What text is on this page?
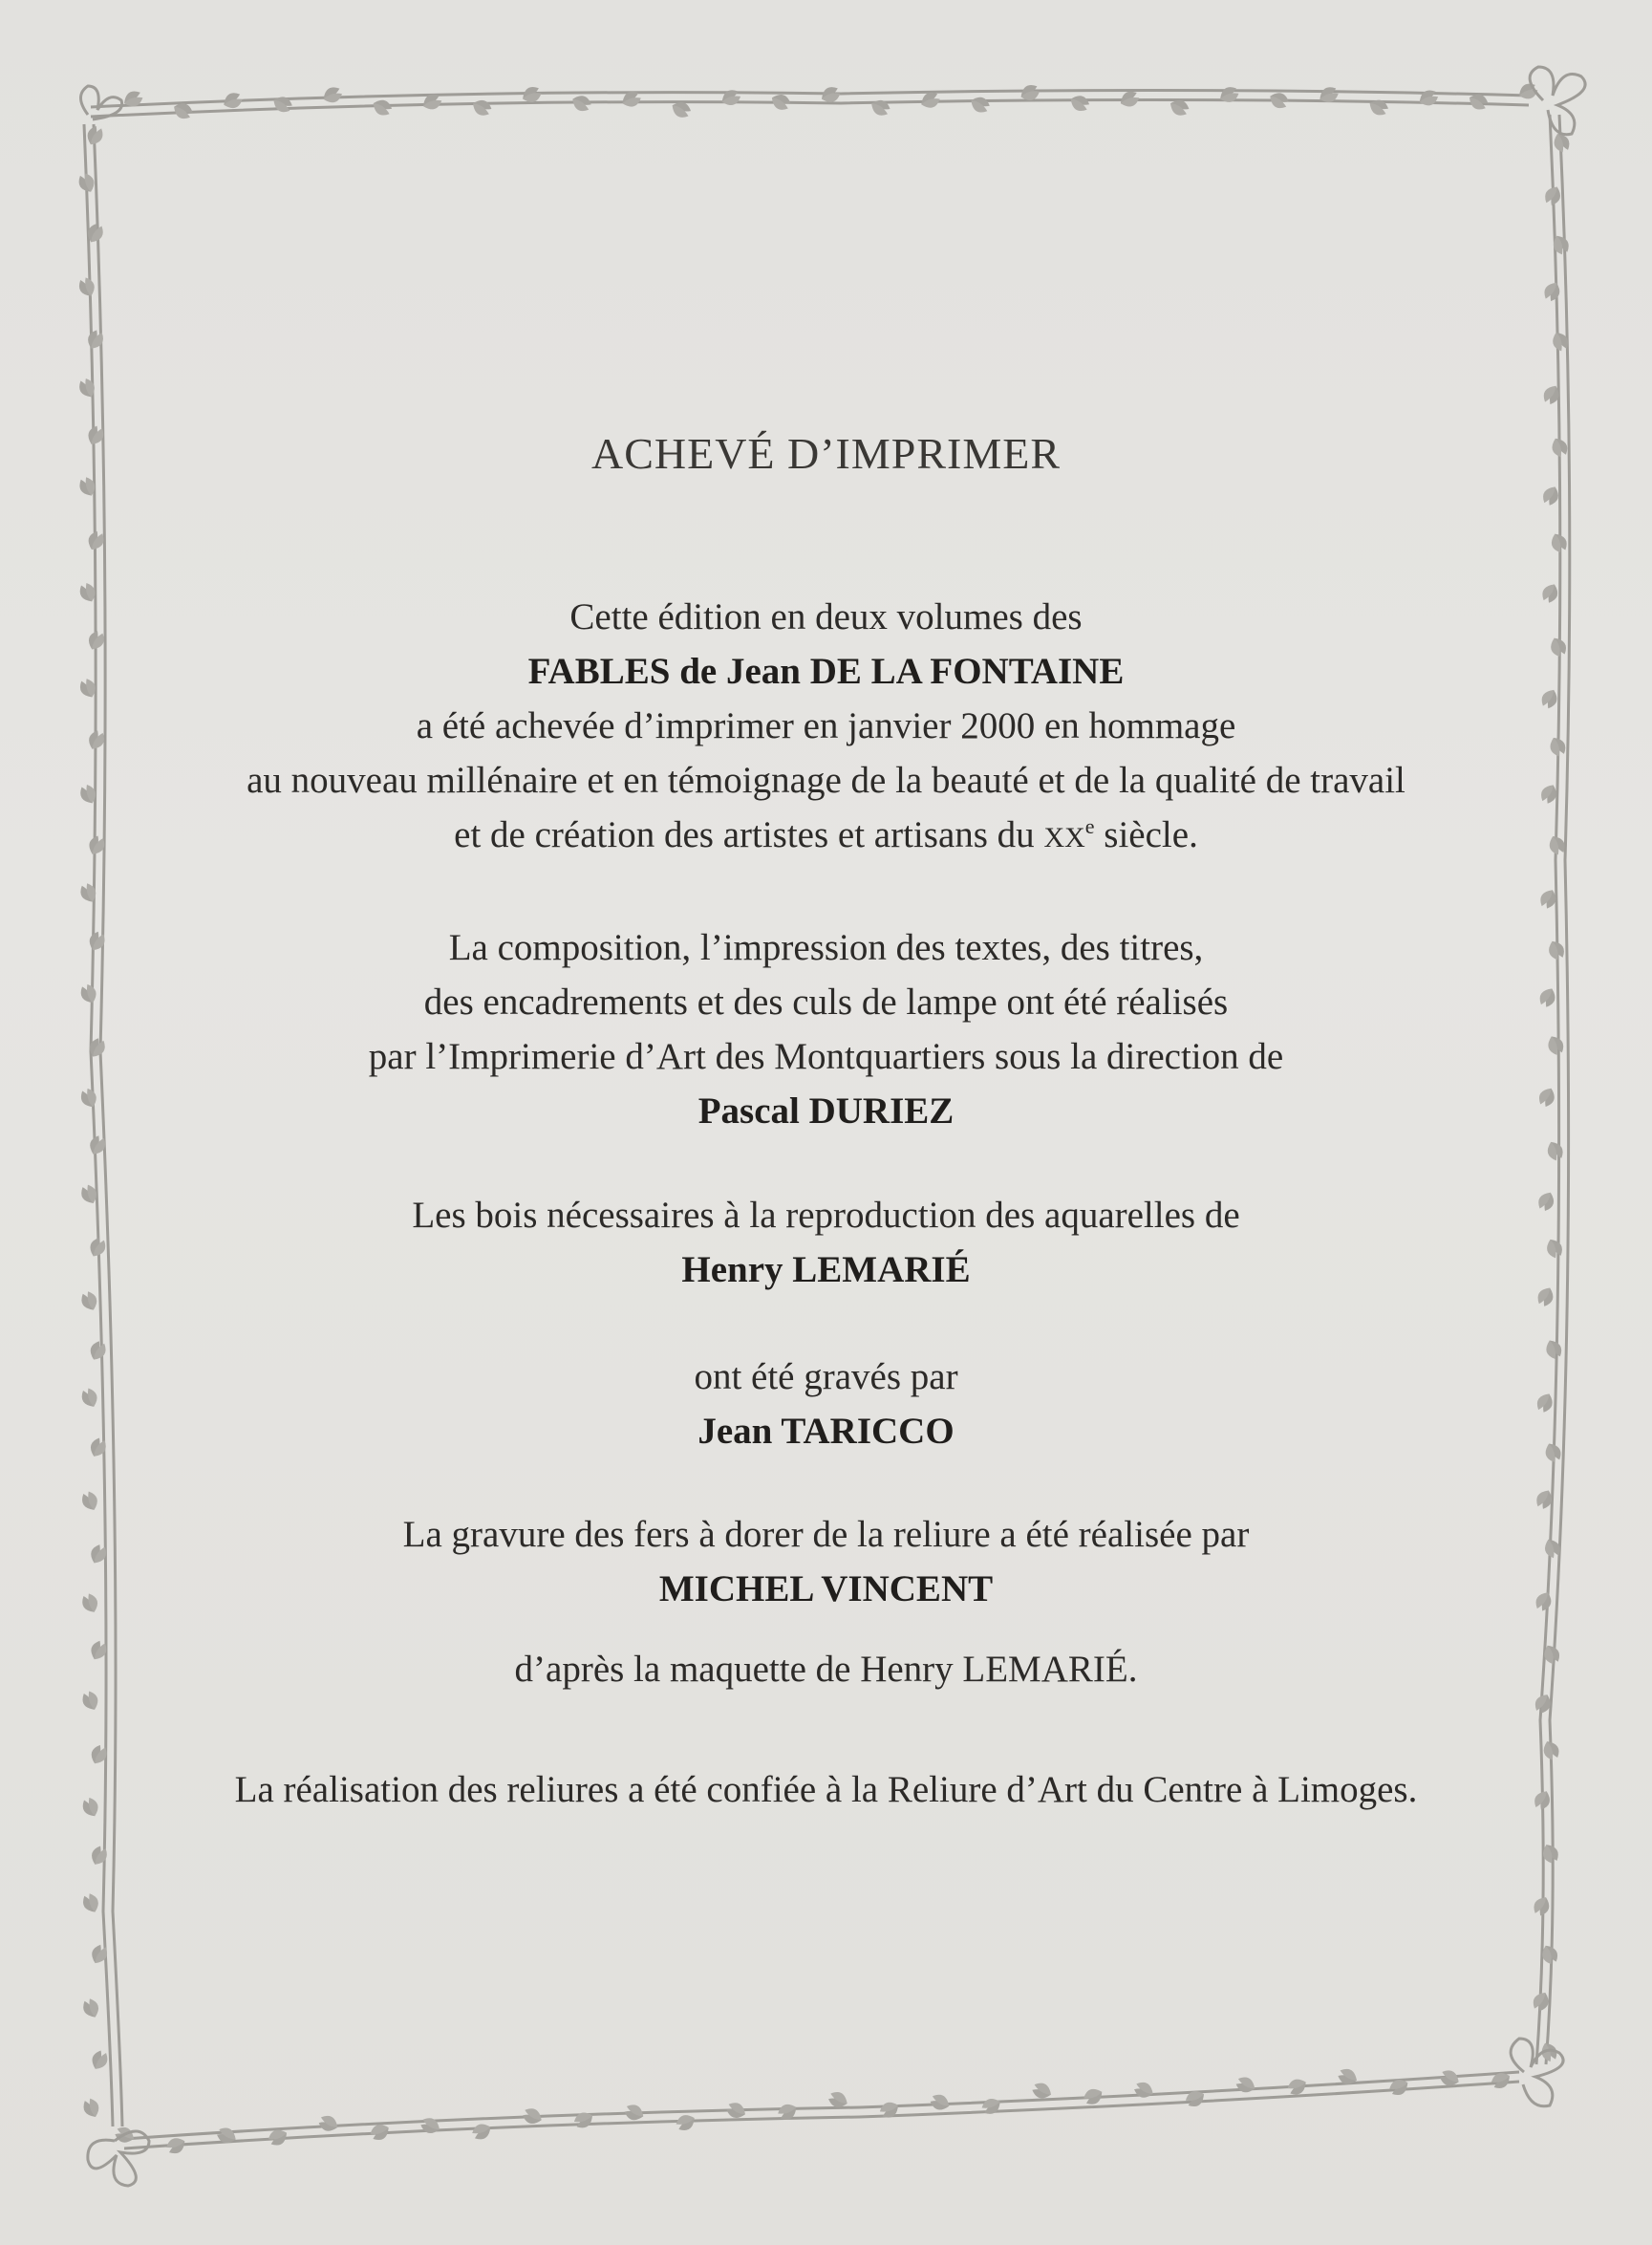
ACHEVÉ D’IMPRIMER
Cette édition en deux volumes des
FABLES de Jean DE LA FONTAINE
a été achevée d’imprimer en janvier 2000 en hommage
au nouveau millénaire et en témoignage de la beauté et de la qualité de travail
et de création des artistes et artisans du XXe siècle.
La composition, l’impression des textes, des titres,
des encadrements et des culs de lampe ont été réalisés
par l’Imprimerie d’Art des Montquartiers sous la direction de
Pascal DURIEZ
Les bois nécessaires à la reproduction des aquarelles de
Henry LEMARIÉ
ont été gravés par
Jean TARICCO
La gravure des fers à dorer de la reliure a été réalisée par
MICHEL VINCENT
d’après la maquette de Henry LEMARIÉ.
La réalisation des reliures a été confiée à la Reliure d’Art du Centre à Limoges.
